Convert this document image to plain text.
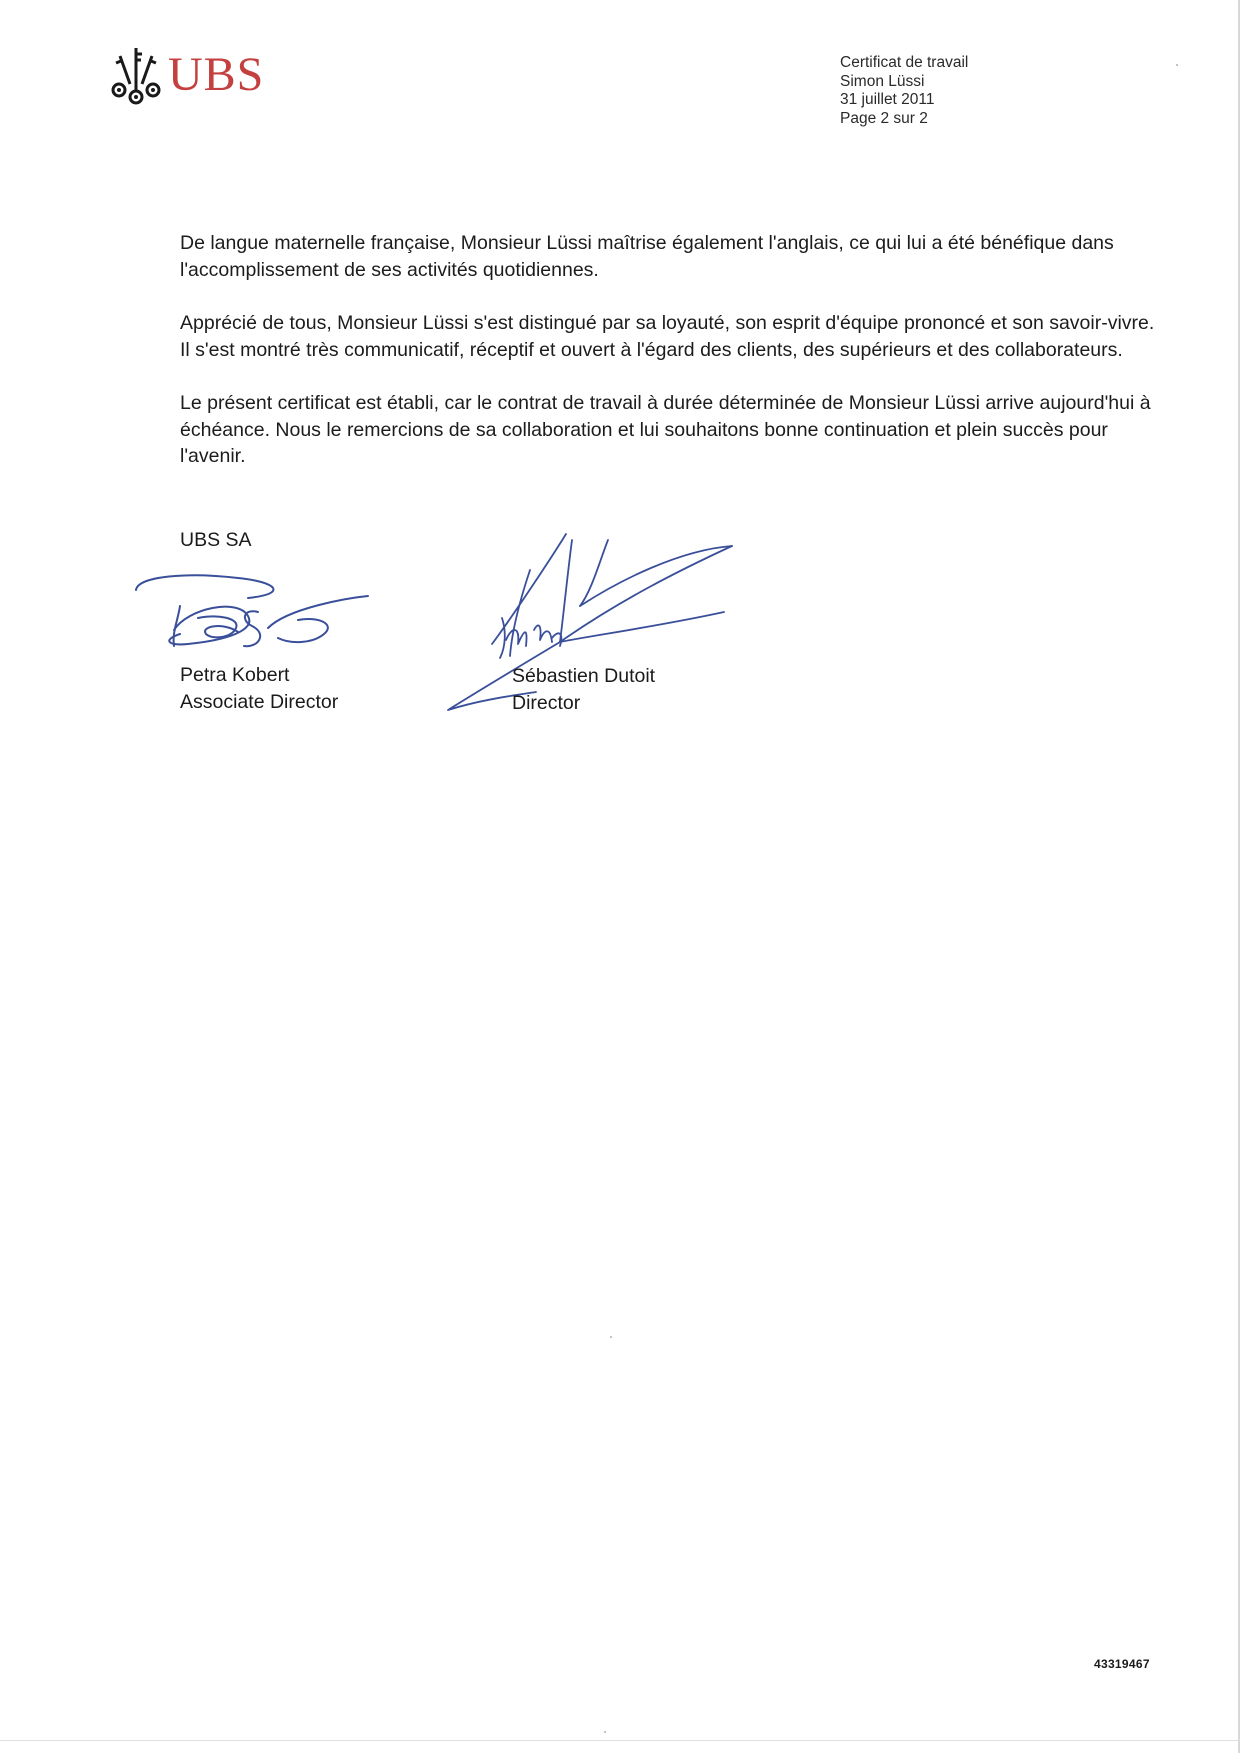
UBS	Certificat de travail
Simon Lüssi
31 juillet 2011
Page 2 sur 2

De langue maternelle française, Monsieur Lüssi maîtrise également l'anglais, ce qui lui a été bénéfique dans l'accomplissement de ses activités quotidiennes.

Apprécié de tous, Monsieur Lüssi s'est distingué par sa loyauté, son esprit d'équipe prononcé et son savoir-vivre. Il s'est montré très communicatif, réceptif et ouvert à l'égard des clients, des supérieurs et des collaborateurs.

Le présent certificat est établi, car le contrat de travail à durée déterminée de Monsieur Lüssi arrive aujourd'hui à échéance. Nous le remercions de sa collaboration et lui souhaitons bonne continuation et plein succès pour l'avenir.

UBS SA
Petra Kobert
Associate Director
Sébastien Dutoit
Director
43319467
